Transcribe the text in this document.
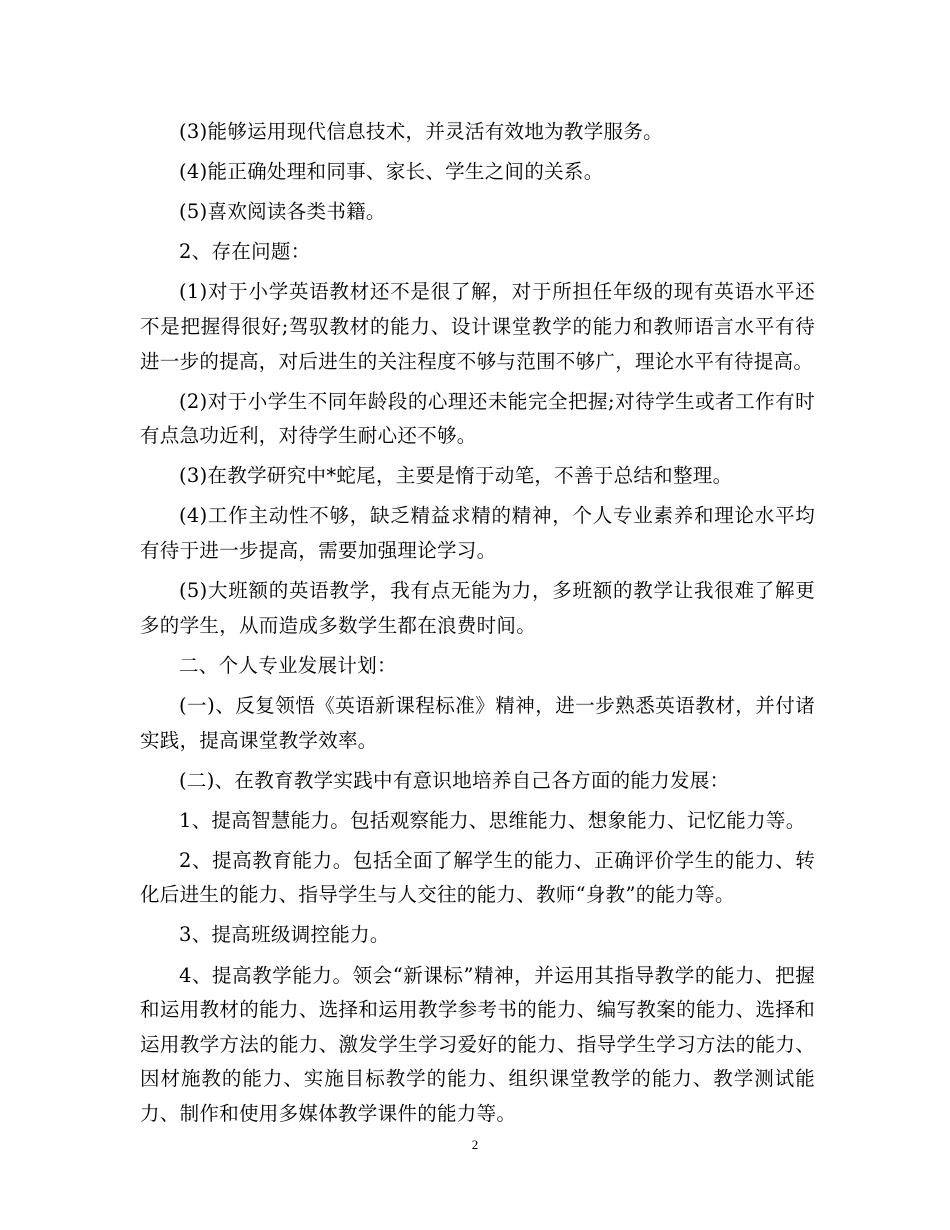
(3)能够运用现代信息技术，并灵活有效地为教学服务。

(4)能正确处理和同事、家长、学生之间的关系。

(5)喜欢阅读各类书籍。

2、存在问题：

(1)对于小学英语教材还不是很了解，对于所担任年级的现有英语水平还不是把握得很好;驾驭教材的能力、设计课堂教学的能力和教师语言水平有待进一步的提高，对后进生的关注程度不够与范围不够广，理论水平有待提高。

(2)对于小学生不同年龄段的心理还未能完全把握;对待学生或者工作有时有点急功近利，对待学生耐心还不够。

(3)在教学研究中*蛇尾，主要是惰于动笔，不善于总结和整理。

(4)工作主动性不够，缺乏精益求精的精神，个人专业素养和理论水平均有待于进一步提高，需要加强理论学习。

(5)大班额的英语教学，我有点无能为力，多班额的教学让我很难了解更多的学生，从而造成多数学生都在浪费时间。

二、个人专业发展计划：

(一)、反复领悟《英语新课程标准》精神，进一步熟悉英语教材，并付诸实践，提高课堂教学效率。

(二)、在教育教学实践中有意识地培养自己各方面的能力发展：

1、提高智慧能力。包括观察能力、思维能力、想象能力、记忆能力等。

2、提高教育能力。包括全面了解学生的能力、正确评价学生的能力、转化后进生的能力、指导学生与人交往的能力、教师“身教”的能力等。

3、提高班级调控能力。

4、提高教学能力。领会“新课标”精神，并运用其指导教学的能力、把握和运用教材的能力、选择和运用教学参考书的能力、编写教案的能力、选择和运用教学方法的能力、激发学生学习爱好的能力、指导学生学习方法的能力、因材施教的能力、实施目标教学的能力、组织课堂教学的能力、教学测试能力、制作和使用多媒体教学课件的能力等。

2
